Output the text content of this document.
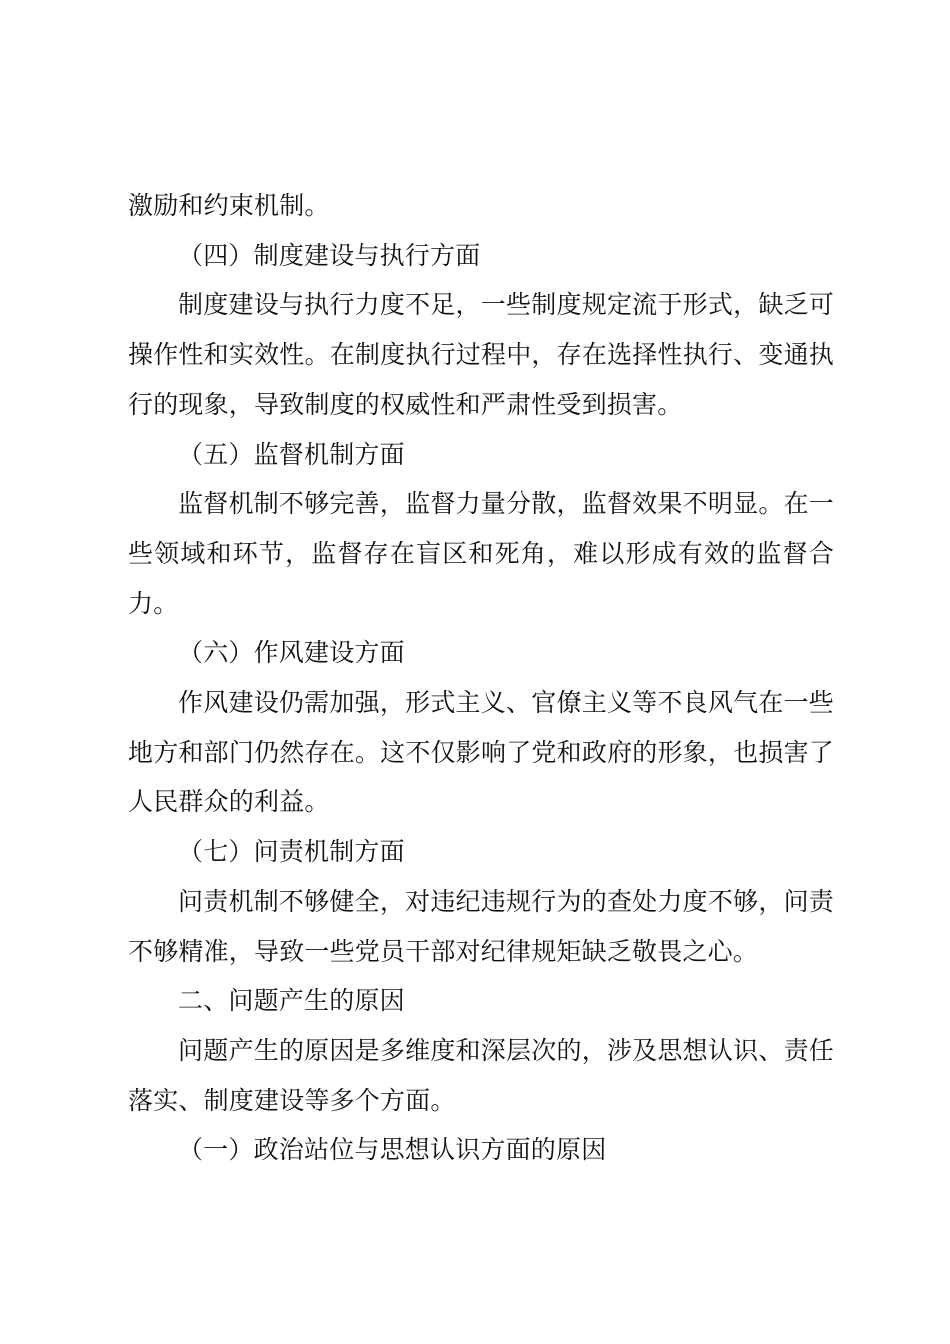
激励和约束机制。

（四）制度建设与执行方面

制度建设与执行力度不足，一些制度规定流于形式，缺乏可操作性和实效性。在制度执行过程中，存在选择性执行、变通执行的现象，导致制度的权威性和严肃性受到损害。

（五）监督机制方面

监督机制不够完善，监督力量分散，监督效果不明显。在一些领域和环节，监督存在盲区和死角，难以形成有效的监督合力。

（六）作风建设方面

作风建设仍需加强，形式主义、官僚主义等不良风气在一些地方和部门仍然存在。这不仅影响了党和政府的形象，也损害了人民群众的利益。

（七）问责机制方面

问责机制不够健全，对违纪违规行为的查处力度不够，问责不够精准，导致一些党员干部对纪律规矩缺乏敬畏之心。

二、问题产生的原因

问题产生的原因是多维度和深层次的，涉及思想认识、责任落实、制度建设等多个方面。

（一）政治站位与思想认识方面的原因
